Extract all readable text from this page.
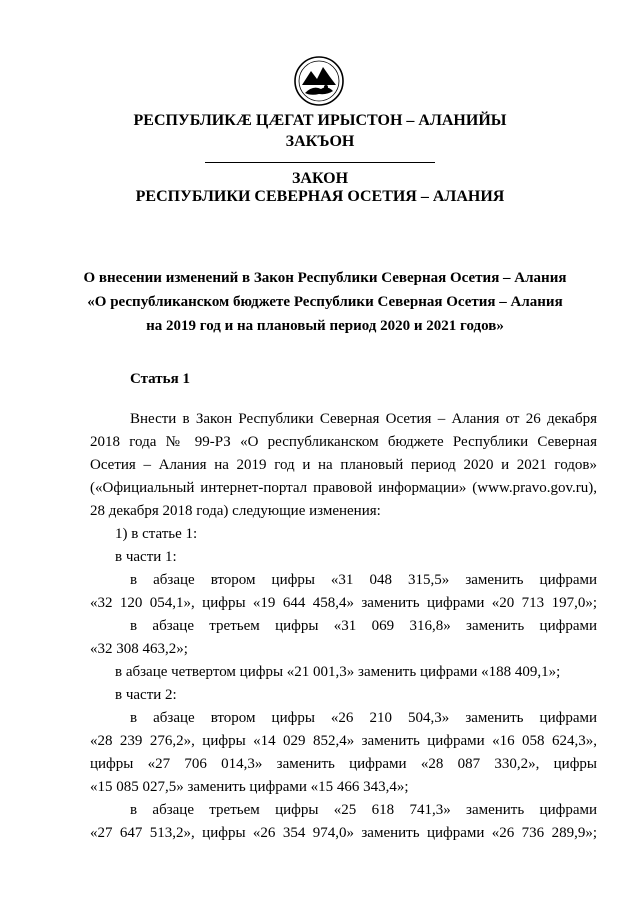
РЕСПУБЛИКӔ ЦӔГАТ ИРЫСТОН – АЛАНИЙЫ
ЗАКЪОН
ЗАКОН
РЕСПУБЛИКИ СЕВЕРНАЯ ОСЕТИЯ – АЛАНИЯ
О внесении изменений в Закон Республики Северная Осетия – Алания
«О республиканском бюджете Республики Северная Осетия – Алания
на 2019 год и на плановый период 2020 и 2021 годов»
Статья 1
Внести в Закон Республики Северная Осетия – Алания от 26 декабря
2018 года № 99-РЗ «О республиканском бюджете Республики Северная
Осетия – Алания на 2019 год и на плановый период 2020 и 2021 годов»
(«Официальный интернет-портал правовой информации» (www.pravo.gov.ru),
28 декабря 2018 года) следующие изменения:
1) в статье 1:
в части 1:
в абзаце втором цифры «31 048 315,5» заменить цифрами
«32 120 054,1», цифры «19 644 458,4» заменить цифрами «20 713 197,0»;
в абзаце третьем цифры «31 069 316,8» заменить цифрами
«32 308 463,2»;
в абзаце четвертом цифры «21 001,3» заменить цифрами «188 409,1»;
в части 2:
в абзаце втором цифры «26 210 504,3» заменить цифрами
«28 239 276,2», цифры «14 029 852,4» заменить цифрами «16 058 624,3»,
цифры «27 706 014,3» заменить цифрами «28 087 330,2», цифры
«15 085 027,5» заменить цифрами «15 466 343,4»;
в абзаце третьем цифры «25 618 741,3» заменить цифрами
«27 647 513,2», цифры «26 354 974,0» заменить цифрами «26 736 289,9»;
